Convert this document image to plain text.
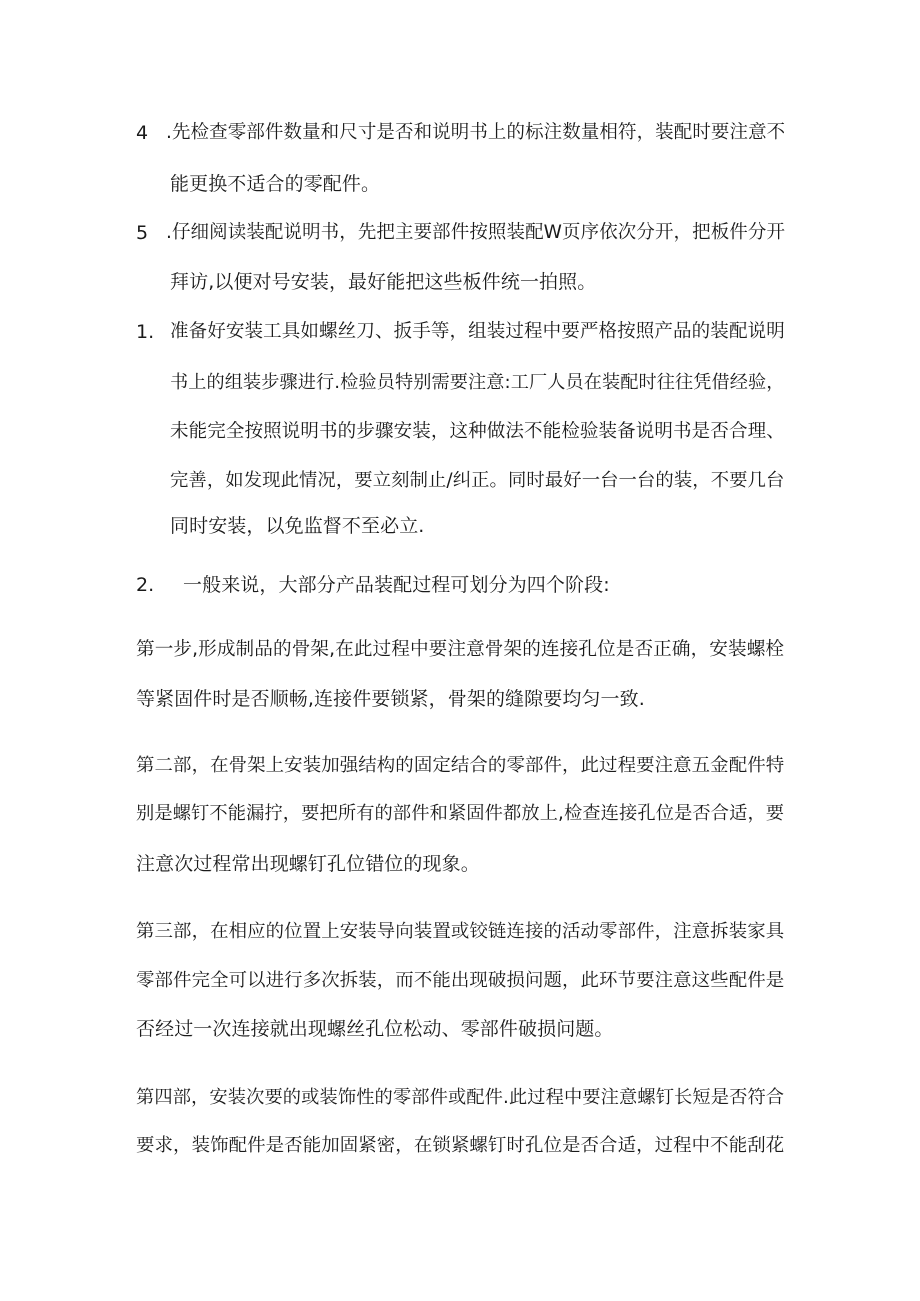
4 .先检查零部件数量和尺寸是否和说明书上的标注数量相符，装配时要注意不
能更换不适合的零配件。
5 .仔细阅读装配说明书，先把主要部件按照装配W页序依次分开，把板件分开
拜访,以便对号安装，最好能把这些板件统一拍照。
1. 准备好安装工具如螺丝刀、扳手等，组装过程中要严格按照产品的装配说明
书上的组装步骤进行.检验员特别需要注意:工厂人员在装配时往往凭借经验，
未能完全按照说明书的步骤安装，这种做法不能检验装备说明书是否合理、
完善，如发现此情况，要立刻制止/纠正。同时最好一台一台的装，不要几台
同时安装，以免监督不至必立.
2. 一般来说，大部分产品装配过程可划分为四个阶段:
第一步,形成制品的骨架,在此过程中要注意骨架的连接孔位是否正确，安装螺栓
等紧固件时是否顺畅,连接件要锁紧，骨架的缝隙要均匀一致.
第二部，在骨架上安装加强结构的固定结合的零部件，此过程要注意五金配件特
别是螺钉不能漏拧，要把所有的部件和紧固件都放上,检查连接孔位是否合适，要
注意次过程常出现螺钉孔位错位的现象。
第三部，在相应的位置上安装导向装置或铰链连接的活动零部件，注意拆装家具
零部件完全可以进行多次拆装，而不能出现破损问题，此环节要注意这些配件是
否经过一次连接就出现螺丝孔位松动、零部件破损问题。
第四部，安装次要的或装饰性的零部件或配件.此过程中要注意螺钉长短是否符合
要求，装饰配件是否能加固紧密，在锁紧螺钉时孔位是否合适，过程中不能刮花
